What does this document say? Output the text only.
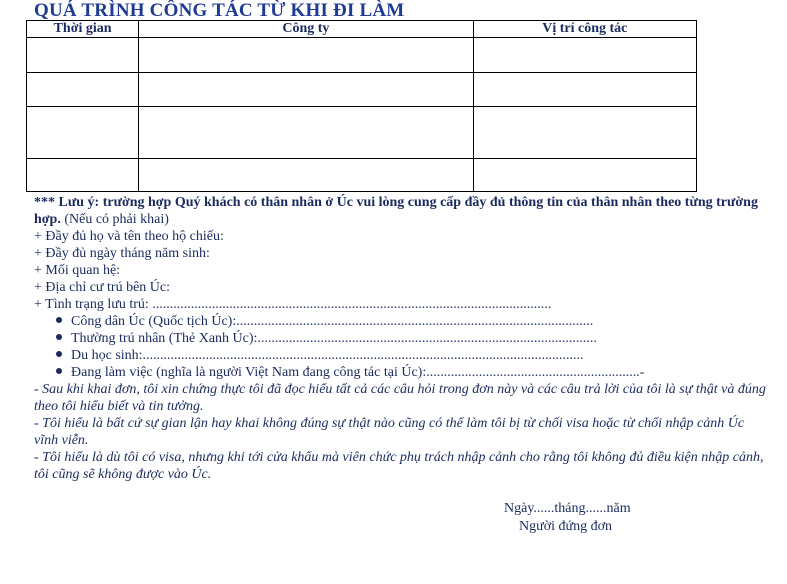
QUÁ TRÌNH CÔNG TÁC TỪ KHI ĐI LÀM
Thời gian	Công ty	Vị trí công tác

*** Lưu ý: trường hợp Quý khách có thân nhân ở Úc vui lòng cung cấp đầy đủ thông tin của thân nhân theo từng trường hợp. (Nếu có phải khai)

+ Đầy đủ họ và tên theo hộ chiếu:

+ Đầy đủ ngày tháng năm sinh:

+ Mối quan hệ:

+ Địa chỉ cư trú bên Úc:

+ Tình trạng lưu trú: ..................................................................................................................

Công dân Úc (Quốc tịch Úc):......................................................................................................

Thường trú nhân (Thẻ Xanh Úc):.................................................................................................

Du học sinh:..............................................................................................................................

Đang làm việc (nghĩa là người Việt Nam đang công tác tại Úc):.............................................................-

- Sau khi khai đơn, tôi xin chứng thực tôi đã đọc hiểu tất cả các câu hỏi trong đơn này và các câu trả lời của tôi là sự thật và đúng theo tôi hiểu biết và tin tưởng.

- Tôi hiểu là bất cứ sự gian lận hay khai không đúng sự thật nào cũng có thể làm tôi bị từ chối visa hoặc từ chối nhập cảnh Úc vĩnh viễn.

- Tôi hiểu là dù tôi có visa, nhưng khi tới cửa khẩu mà viên chức phụ trách nhập cảnh cho rằng tôi không đủ điều kiện nhập cảnh, tôi cũng sẽ không được vào Úc.

Ngày......tháng......năm

Người đứng đơn
